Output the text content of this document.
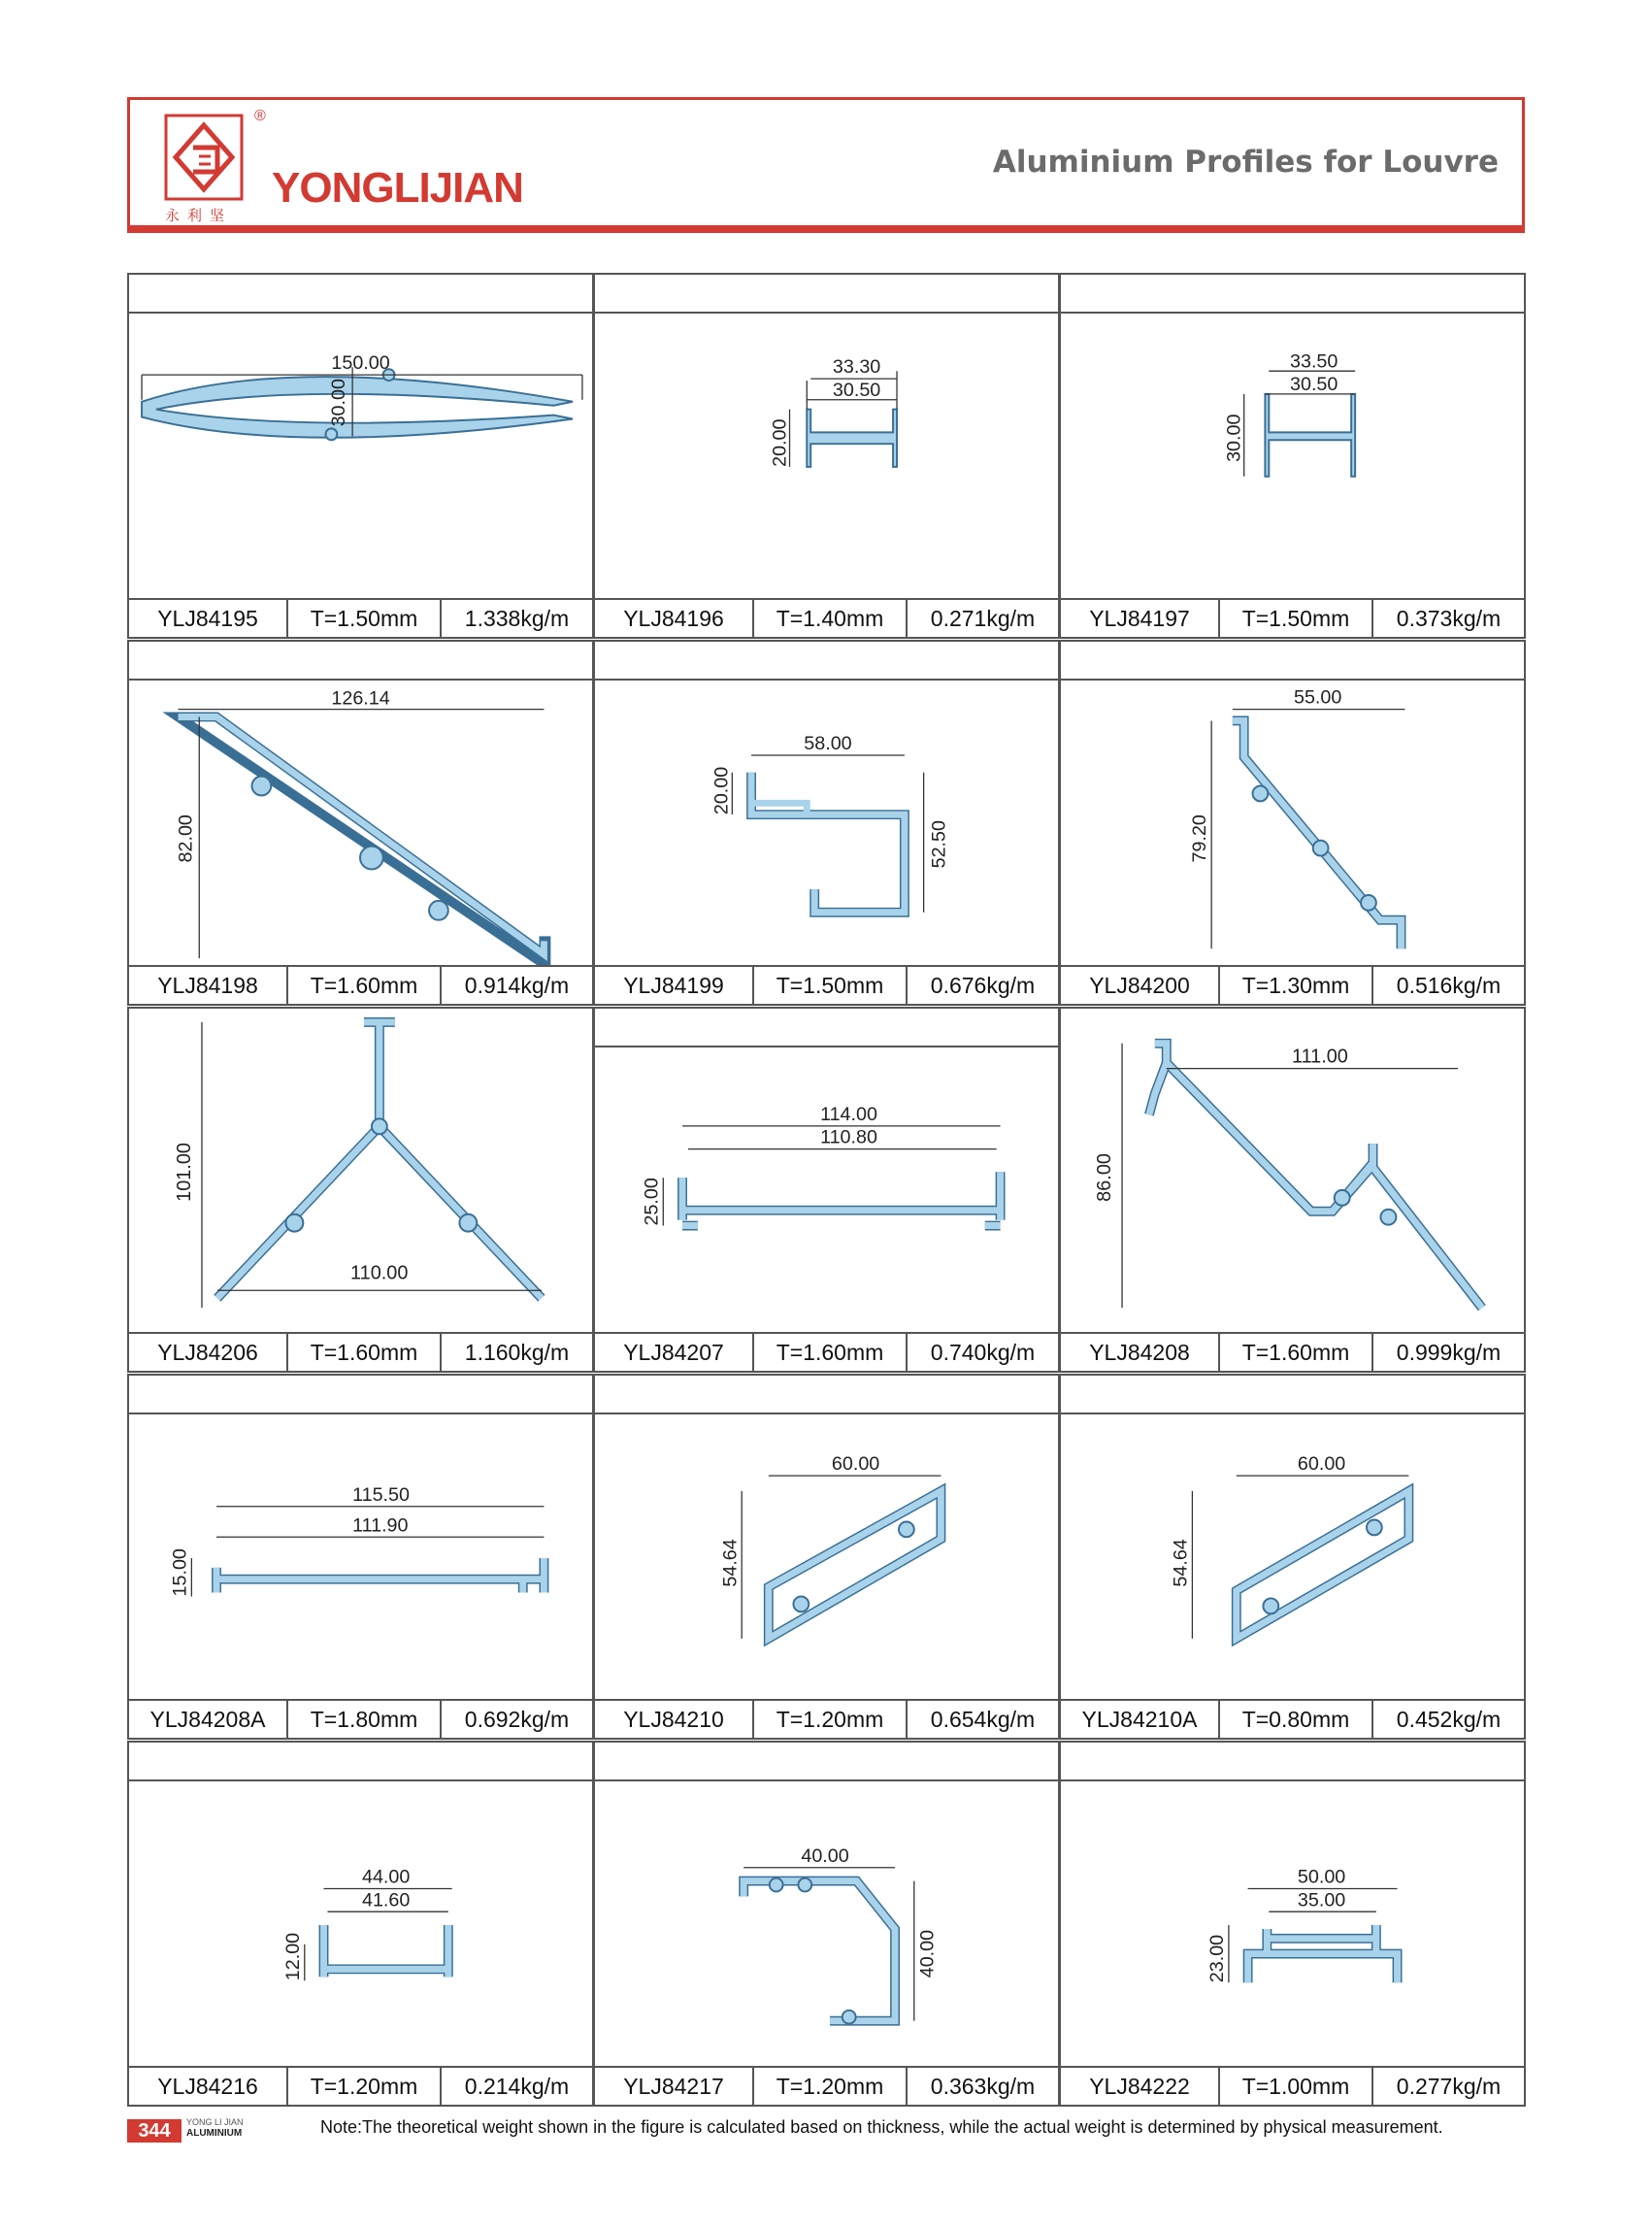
®
永利坚
YONGLIJIAN
Aluminium Profiles for Louvre
150.00
30.00
YLJ84195	T=1.50mm	1.338kg/m
33.30
30.50
20.00
YLJ84196	T=1.40mm	0.271kg/m
33.50
30.50
30.00
YLJ84197	T=1.50mm	0.373kg/m
126.14
82.00
YLJ84198	T=1.60mm	0.914kg/m
58.00
20.00
52.50
YLJ84199	T=1.50mm	0.676kg/m
55.00
79.20
YLJ84200	T=1.30mm	0.516kg/m
101.00
110.00
YLJ84206	T=1.60mm	1.160kg/m
114.00
110.80
25.00
YLJ84207	T=1.60mm	0.740kg/m
111.00
86.00
YLJ84208	T=1.60mm	0.999kg/m
115.50
111.90
15.00
YLJ84208A	T=1.80mm	0.692kg/m
60.00
54.64
YLJ84210	T=1.20mm	0.654kg/m
60.00
54.64
YLJ84210A	T=0.80mm	0.452kg/m
44.00
41.60
12.00
YLJ84216	T=1.20mm	0.214kg/m
40.00
40.00
YLJ84217	T=1.20mm	0.363kg/m
50.00
35.00
23.00
YLJ84222	T=1.00mm	0.277kg/m
344	YONG LI JIAN
ALUMINIUM	Note:The theoretical weight shown in the figure is calculated based on thickness, while the actual weight is determined by physical measurement.
